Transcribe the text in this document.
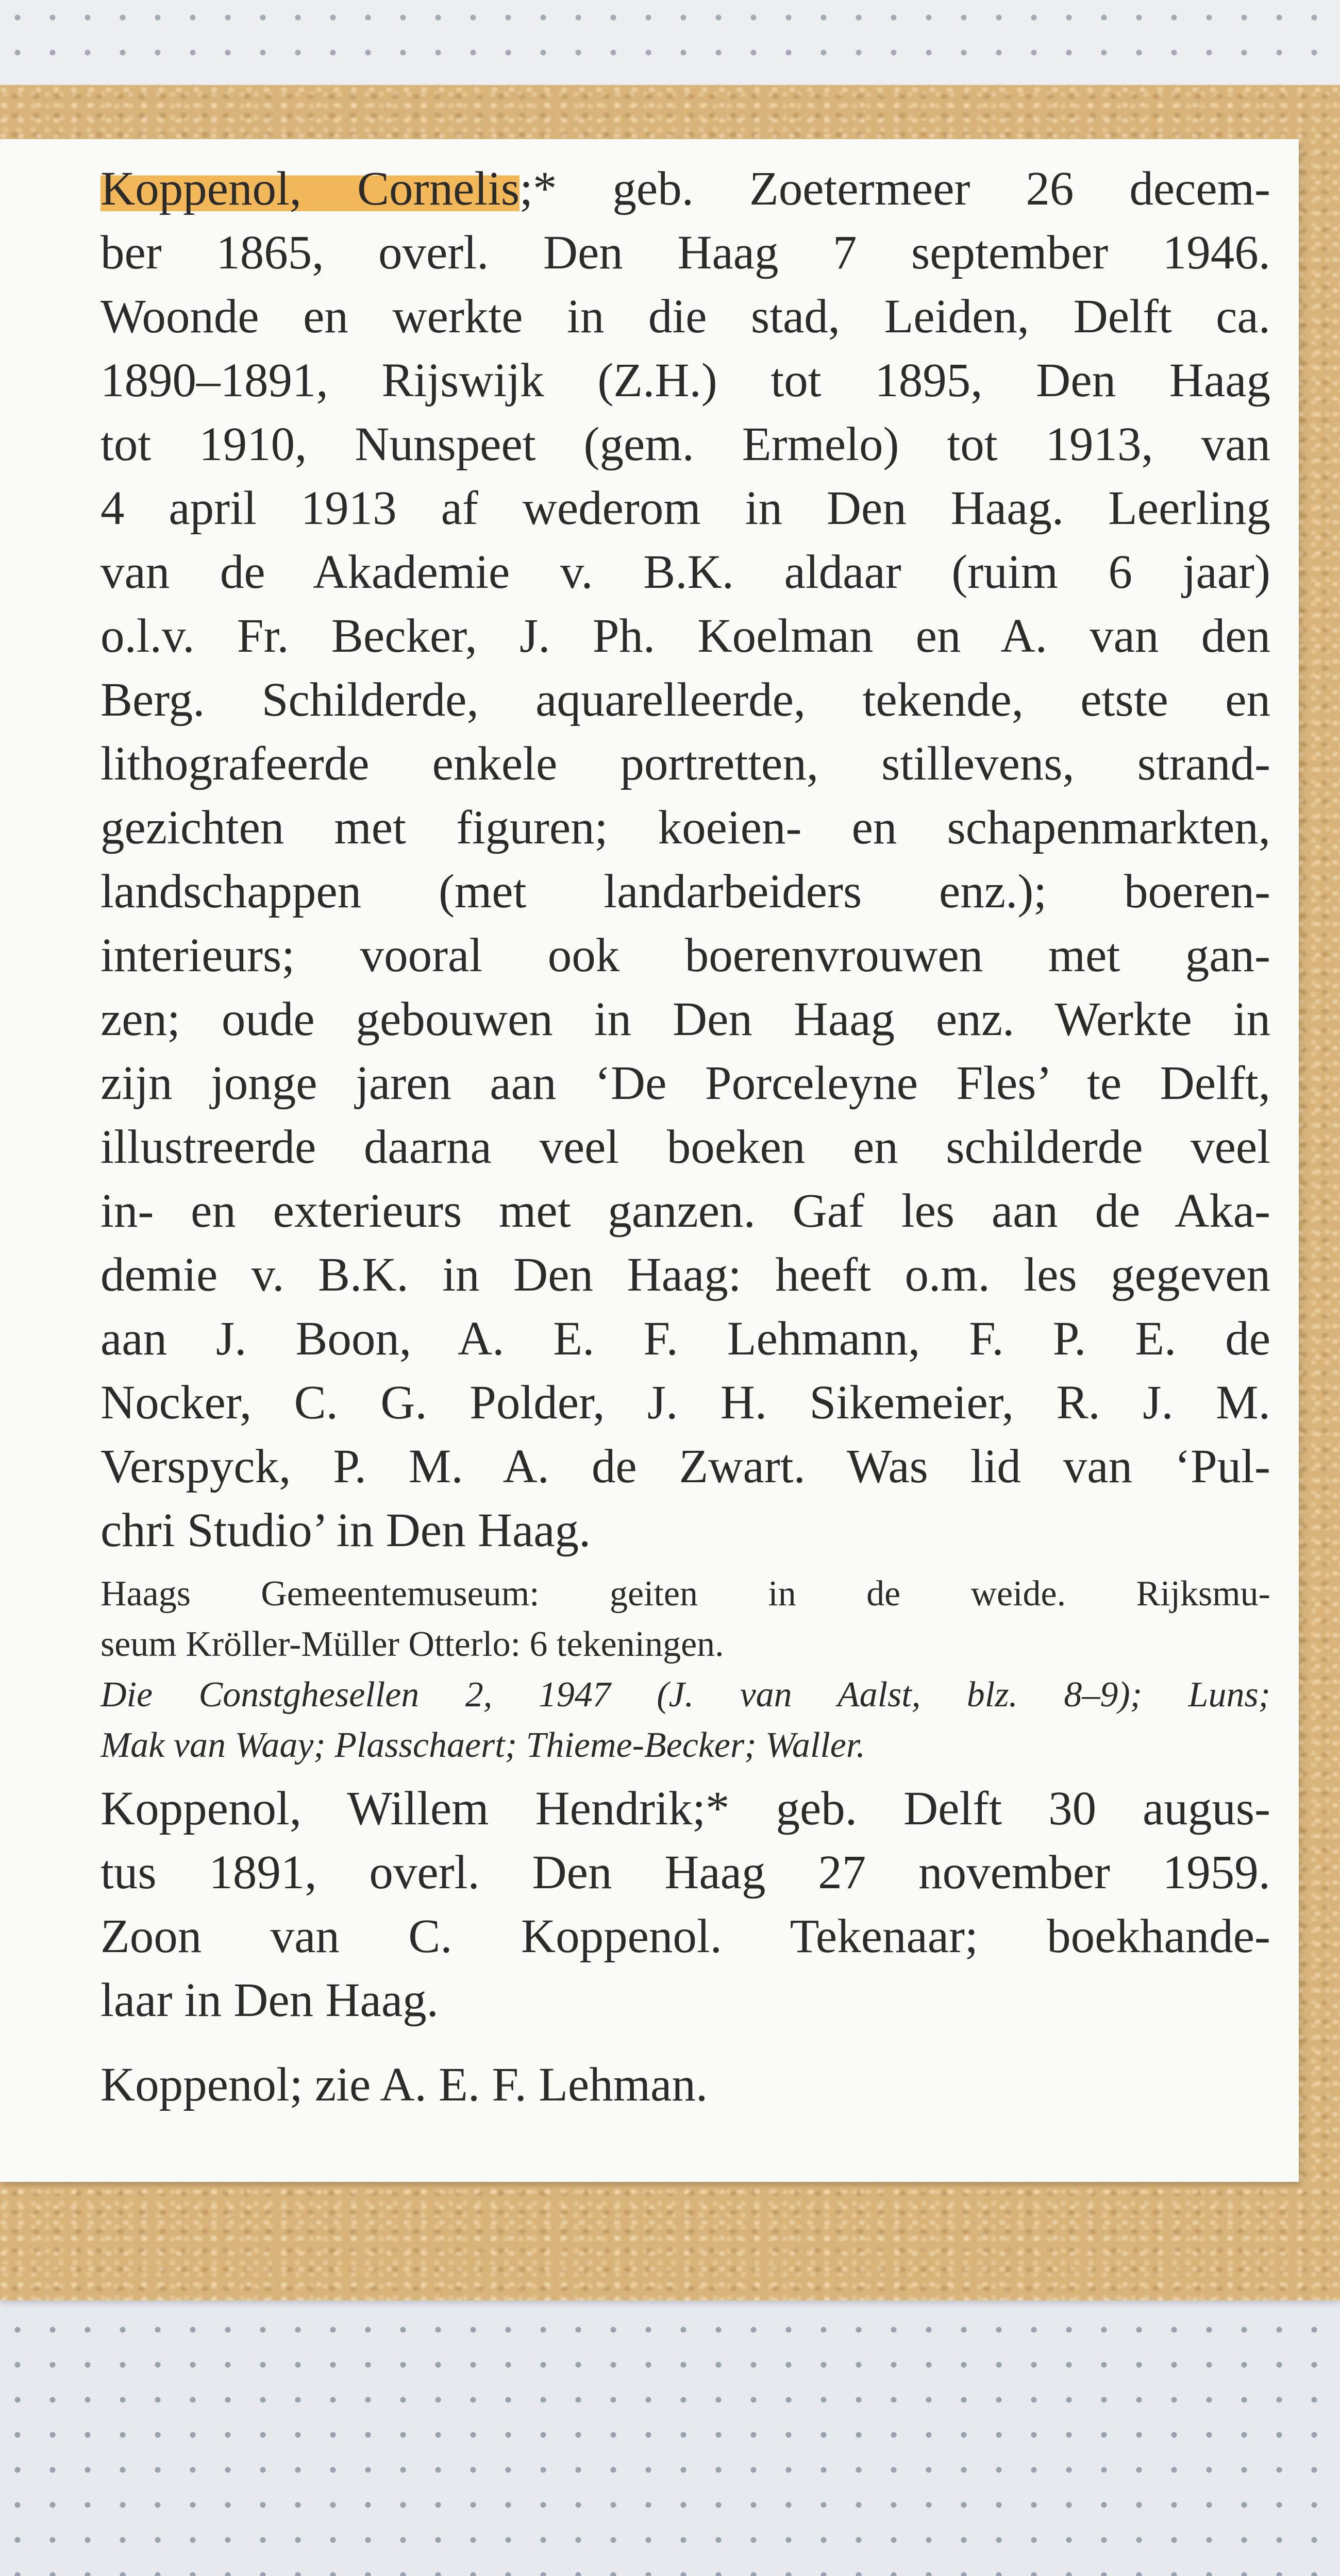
Koppenol, Cornelis;* geb. Zoetermeer 26 decem-
ber 1865, overl. Den Haag 7 september 1946.
Woonde en werkte in die stad, Leiden, Delft ca.
1890–1891, Rijswijk (Z.H.) tot 1895, Den Haag
tot 1910, Nunspeet (gem. Ermelo) tot 1913, van
4 april 1913 af wederom in Den Haag. Leerling
van de Akademie v. B.K. aldaar (ruim 6 jaar)
o.l.v. Fr. Becker, J. Ph. Koelman en A. van den
Berg. Schilderde, aquarelleerde, tekende, etste en
lithografeerde enkele portretten, stillevens, strand-
gezichten met figuren; koeien- en schapenmarkten,
landschappen (met landarbeiders enz.); boeren-
interieurs; vooral ook boerenvrouwen met gan-
zen; oude gebouwen in Den Haag enz. Werkte in
zijn jonge jaren aan ‘De Porceleyne Fles’ te Delft,
illustreerde daarna veel boeken en schilderde veel
in- en exterieurs met ganzen. Gaf les aan de Aka-
demie v. B.K. in Den Haag: heeft o.m. les gegeven
aan J. Boon, A. E. F. Lehmann, F. P. E. de
Nocker, C. G. Polder, J. H. Sikemeier, R. J. M.
Verspyck, P. M. A. de Zwart. Was lid van ‘Pul-
chri Studio’ in Den Haag.
Haags Gemeentemuseum: geiten in de weide. Rijksmu-
seum Kröller-Müller Otterlo: 6 tekeningen.
Die Constghesellen 2, 1947 (J. van Aalst, blz. 8–9); Luns;
Mak van Waay; Plasschaert; Thieme-Becker; Waller.
Koppenol, Willem Hendrik;* geb. Delft 30 augus-
tus 1891, overl. Den Haag 27 november 1959.
Zoon van C. Koppenol. Tekenaar; boekhande-
laar in Den Haag.
Koppenol; zie A. E. F. Lehman.
